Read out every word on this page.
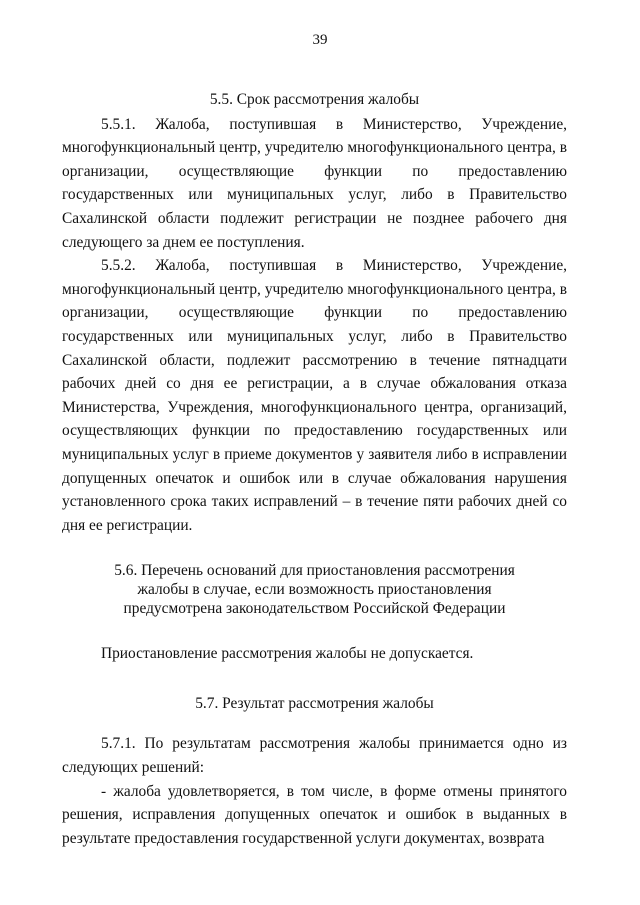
39

5.5. Срок рассмотрения жалобы

5.5.1. Жалоба, поступившая в Министерство, Учреждение, многофункциональный центр, учредителю многофункционального центра, в организации, осуществляющие функции по предоставлению государственных или муниципальных услуг, либо в Правительство Сахалинской области подлежит регистрации не позднее рабочего дня следующего за днем ее поступления.

5.5.2. Жалоба, поступившая в Министерство, Учреждение, многофункциональный центр, учредителю многофункционального центра, в организации, осуществляющие функции по предоставлению государственных или муниципальных услуг, либо в Правительство Сахалинской области, подлежит рассмотрению в течение пятнадцати рабочих дней со дня ее регистрации, а в случае обжалования отказа Министерства, Учреждения, многофункционального центра, организаций, осуществляющих функции по предоставлению государственных или муниципальных услуг в приеме документов у заявителя либо в исправлении допущенных опечаток и ошибок или в случае обжалования нарушения установленного срока таких исправлений – в течение пяти рабочих дней со дня ее регистрации.

5.6. Перечень оснований для приостановления рассмотрения

жалобы в случае, если возможность приостановления

предусмотрена законодательством Российской Федерации

Приостановление рассмотрения жалобы не допускается.

5.7. Результат рассмотрения жалобы

5.7.1. По результатам рассмотрения жалобы принимается одно из следующих решений:

- жалоба удовлетворяется, в том числе, в форме отмены принятого решения, исправления допущенных опечаток и ошибок в выданных в результате предоставления государственной услуги документах, возврата
